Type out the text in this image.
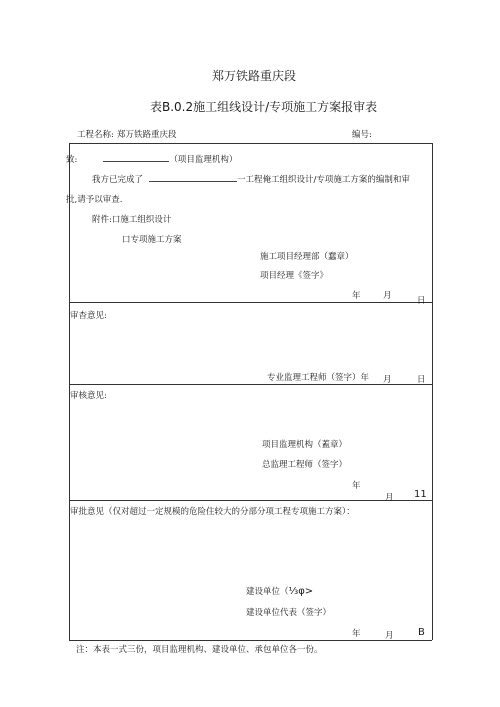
郑万铁路重庆段
表B.0.2施工组线设计/专项施工方案报审表
工程名称: 郑万铁路重庆段	编号:
致:	（项目监理机构）
我方已完成了	一工程俺工组织设计/专项施工方案的编制和审
批,请予以审查.
附件:口施工组织设计
口专项施工方案
施工项目经理部（蠢章）
项目经理《签字》
年	月	日
审杳意见:
专业监理工程师（签字）年 月	日
审核意见:
项目监理机构（蓋章）
总监理工程师（签字）
年
月 11
审批意见（仅对超过一定规模的危险住较大的分部分项工程专项施工方案）：
建设单位（⅓φ>
建设单位代表（签字）
年	月 B
注：本表一式三份，项目监理机构、建设单位、承包单位各一份。
